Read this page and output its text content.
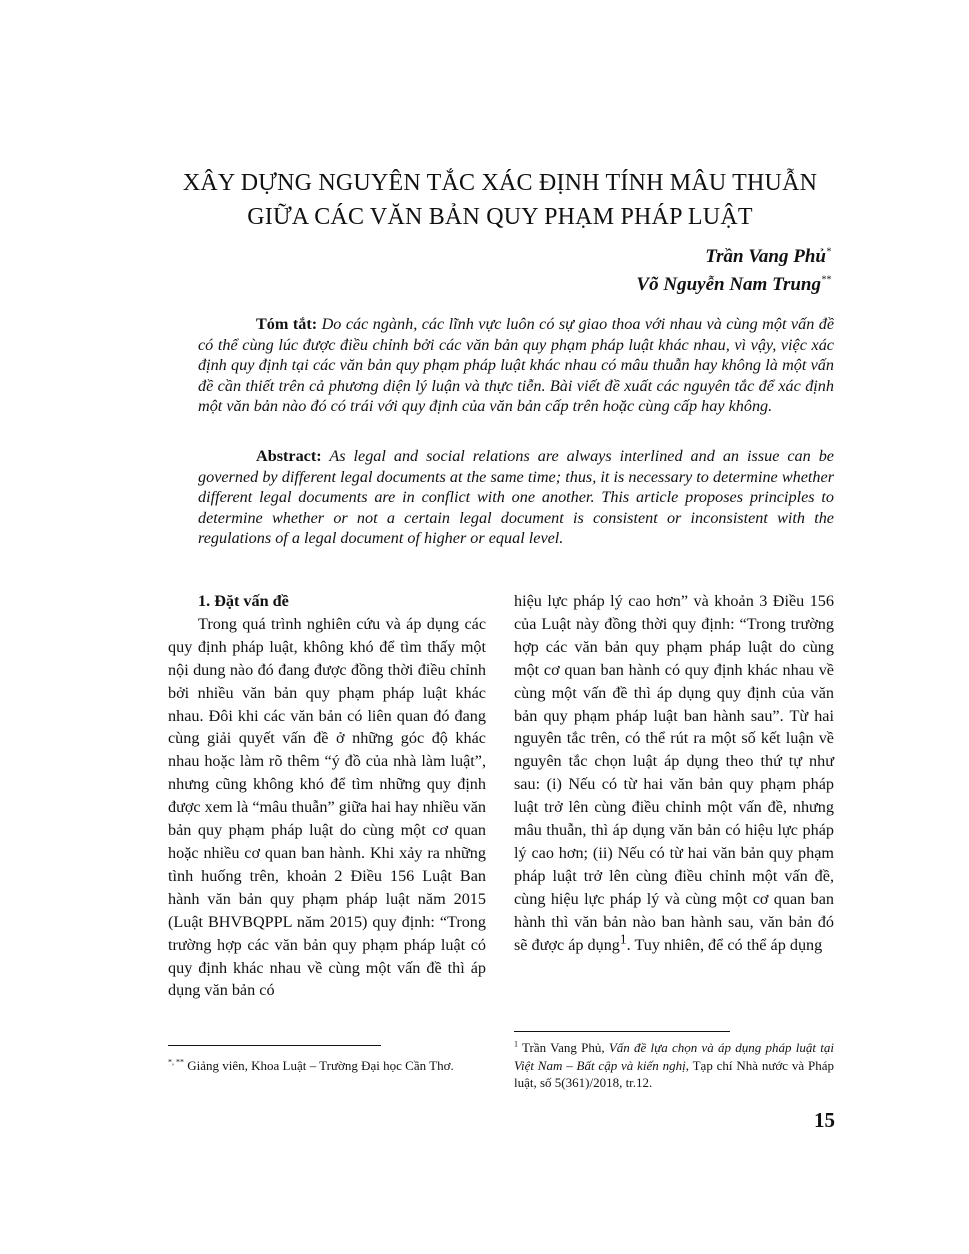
XÂY DỰNG NGUYÊN TẮC XÁC ĐỊNH TÍNH MÂU THUẪN
GIỮA CÁC VĂN BẢN QUY PHẠM PHÁP LUẬT
Trần Vang Phủ*
Võ Nguyễn Nam Trung**
Tóm tắt: Do các ngành, các lĩnh vực luôn có sự giao thoa với nhau và cùng một vấn đề có thể cùng lúc được điều chỉnh bởi các văn bản quy phạm pháp luật khác nhau, vì vậy, việc xác định quy định tại các văn bản quy phạm pháp luật khác nhau có mâu thuẫn hay không là một vấn đề cần thiết trên cả phương diện lý luận và thực tiễn. Bài viết đề xuất các nguyên tắc để xác định một văn bản nào đó có trái với quy định của văn bản cấp trên hoặc cùng cấp hay không.
Abstract: As legal and social relations are always interlined and an issue can be governed by different legal documents at the same time; thus, it is necessary to determine whether different legal documents are in conflict with one another. This article proposes principles to determine whether or not a certain legal document is consistent or inconsistent with the regulations of a legal document of higher or equal level.

1. Đặt vấn đề

Trong quá trình nghiên cứu và áp dụng các quy định pháp luật, không khó để tìm thấy một nội dung nào đó đang được đồng thời điều chỉnh bởi nhiều văn bản quy phạm pháp luật khác nhau. Đôi khi các văn bản có liên quan đó đang cùng giải quyết vấn đề ở những góc độ khác nhau hoặc làm rõ thêm “ý đồ của nhà làm luật”, nhưng cũng không khó để tìm những quy định được xem là “mâu thuẫn” giữa hai hay nhiều văn bản quy phạm pháp luật do cùng một cơ quan hoặc nhiều cơ quan ban hành. Khi xảy ra những tình huống trên, khoản 2 Điều 156 Luật Ban hành văn bản quy phạm pháp luật năm 2015 (Luật BHVBQPPL năm 2015) quy định: “Trong trường hợp các văn bản quy phạm pháp luật có quy định khác nhau về cùng một vấn đề thì áp dụng văn bản có

hiệu lực pháp lý cao hơn” và khoản 3 Điều 156 của Luật này đồng thời quy định: “Trong trường hợp các văn bản quy phạm pháp luật do cùng một cơ quan ban hành có quy định khác nhau về cùng một vấn đề thì áp dụng quy định của văn bản quy phạm pháp luật ban hành sau”. Từ hai nguyên tắc trên, có thể rút ra một số kết luận về nguyên tắc chọn luật áp dụng theo thứ tự như sau: (i) Nếu có từ hai văn bản quy phạm pháp luật trở lên cùng điều chỉnh một vấn đề, nhưng mâu thuẫn, thì áp dụng văn bản có hiệu lực pháp lý cao hơn; (ii) Nếu có từ hai văn bản quy phạm pháp luật trở lên cùng điều chỉnh một vấn đề, cùng hiệu lực pháp lý và cùng một cơ quan ban hành thì văn bản nào ban hành sau, văn bản đó sẽ được áp dụng$^1$. Tuy nhiên, để có thể áp dụng

*, ** Giảng viên, Khoa Luật – Trường Đại học Cần Thơ.
$^1$ Trần Vang Phủ, Vấn đề lựa chọn và áp dụng pháp luật tại Việt Nam – Bất cập và kiến nghị, Tạp chí Nhà nước và Pháp luật, số 5(361)/2018, tr.12.
15
